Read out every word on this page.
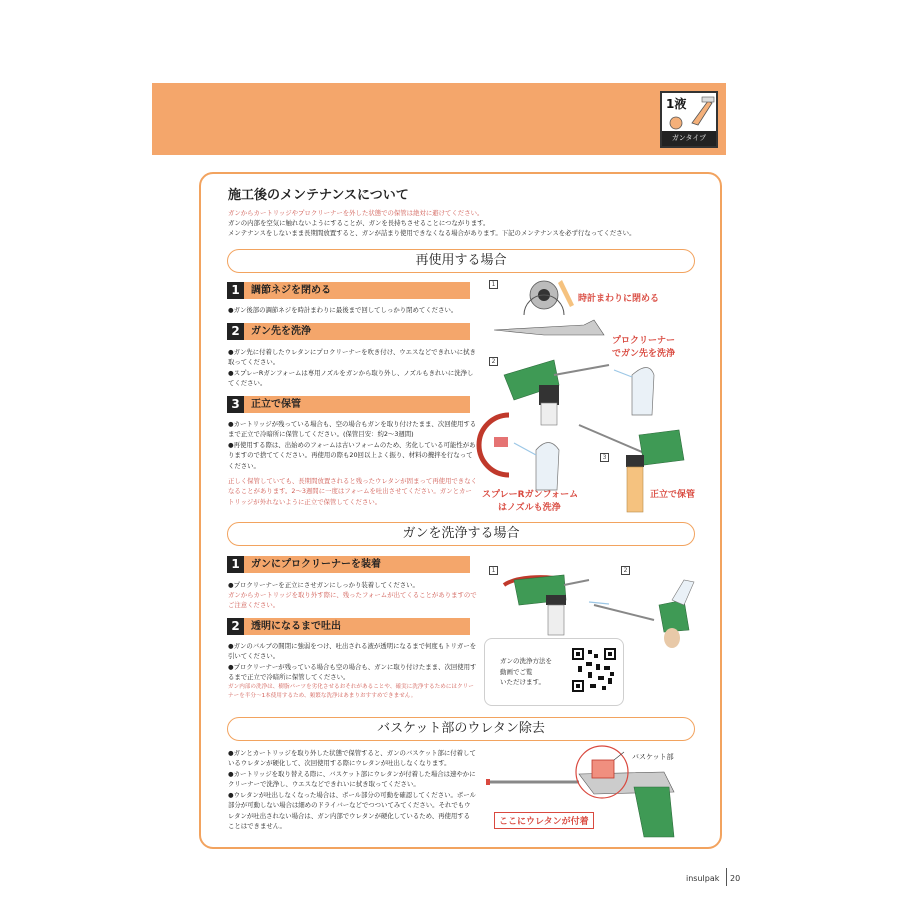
1液
ガンタイプ
施工後のメンテナンスについて
ガンからカートリッジやプロクリーナーを外した状態での保管は絶対に避けてください。
ガンの内部を空気に触れないようにすることが、ガンを長持ちさせることにつながります。
メンテナンスをしないまま長期間放置すると、ガンが詰まり使用できなくなる場合があります。下記のメンテナンスを必ず行なってください。
再使用する場合
1	調節ネジを閉める
●ガン後部の調節ネジを時計まわりに最後まで回してしっかり閉めてください。
2	ガン先を洗浄
●ガン先に付着したウレタンにプロクリーナーを吹き付け、ウエスなどできれいに拭き取ってください。
●スプレーRガンフォームは専用ノズルをガンから取り外し、ノズルもきれいに洗浄してください。
3	正立で保管
●カートリッジが残っている場合も、空の場合もガンを取り付けたまま、次回使用するまで正立で冷暗所に保管してください。(保管目安：約2～3週間)
●再使用する際は、出始めのフォームは古いフォームのため、劣化している可能性がありますので捨ててください。再使用の際も20回以上よく振り、材料の攪拌を行なってください。
正しく保管していても、長期間放置されると残ったウレタンが固まって再使用できなくなることがあります。2～3週間に一度はフォームを吐出させてください。ガンとカートリッジが外れないように正立で保管してください。
1
2
3
時計まわりに閉める
プロクリーナー
でガン先を洗浄
スプレーRガンフォーム
はノズルも洗浄
正立で保管
ガンを洗浄する場合
1	ガンにプロクリーナーを装着
●プロクリーナーを正立にさせガンにしっかり装着してください。
ガンからカートリッジを取り外す際に、残ったフォームが出てくることがありますのでご注意ください。
2	透明になるまで吐出
●ガンのバルブの開閉に強弱をつけ、吐出される液が透明になるまで何度もトリガーを引いてください。
●プロクリーナーが残っている場合も空の場合も、ガンに取り付けたまま、次回使用するまで正立で冷暗所に保管してください。
ガン内部の洗浄は、樹脂パーツを劣化させるおそれがあることや、確実に洗浄するためにはクリーナーを半分～1本使用するため、頻繁な洗浄はあまりおすすめできません。
1	2
ガンの洗浄方法を
動画でご覧
いただけます。
バスケット部のウレタン除去
●ガンとカートリッジを取り外した状態で保管すると、ガンのバスケット部に付着しているウレタンが硬化して、次回使用する際にウレタンが吐出しなくなります。
●カートリッジを取り替える際に、バスケット部にウレタンが付着した場合は速やかにクリーナーで洗浄し、ウエスなどできれいに拭き取ってください。
●ウレタンが吐出しなくなった場合は、ボール部分の可動を確認してください。ボール部分が可動しない場合は細めのドライバーなどでつついてみてください。それでもウレタンが吐出されない場合は、ガン内部でウレタンが硬化しているため、再使用することはできません。
バスケット部
ここにウレタンが付着
insulpak 20
